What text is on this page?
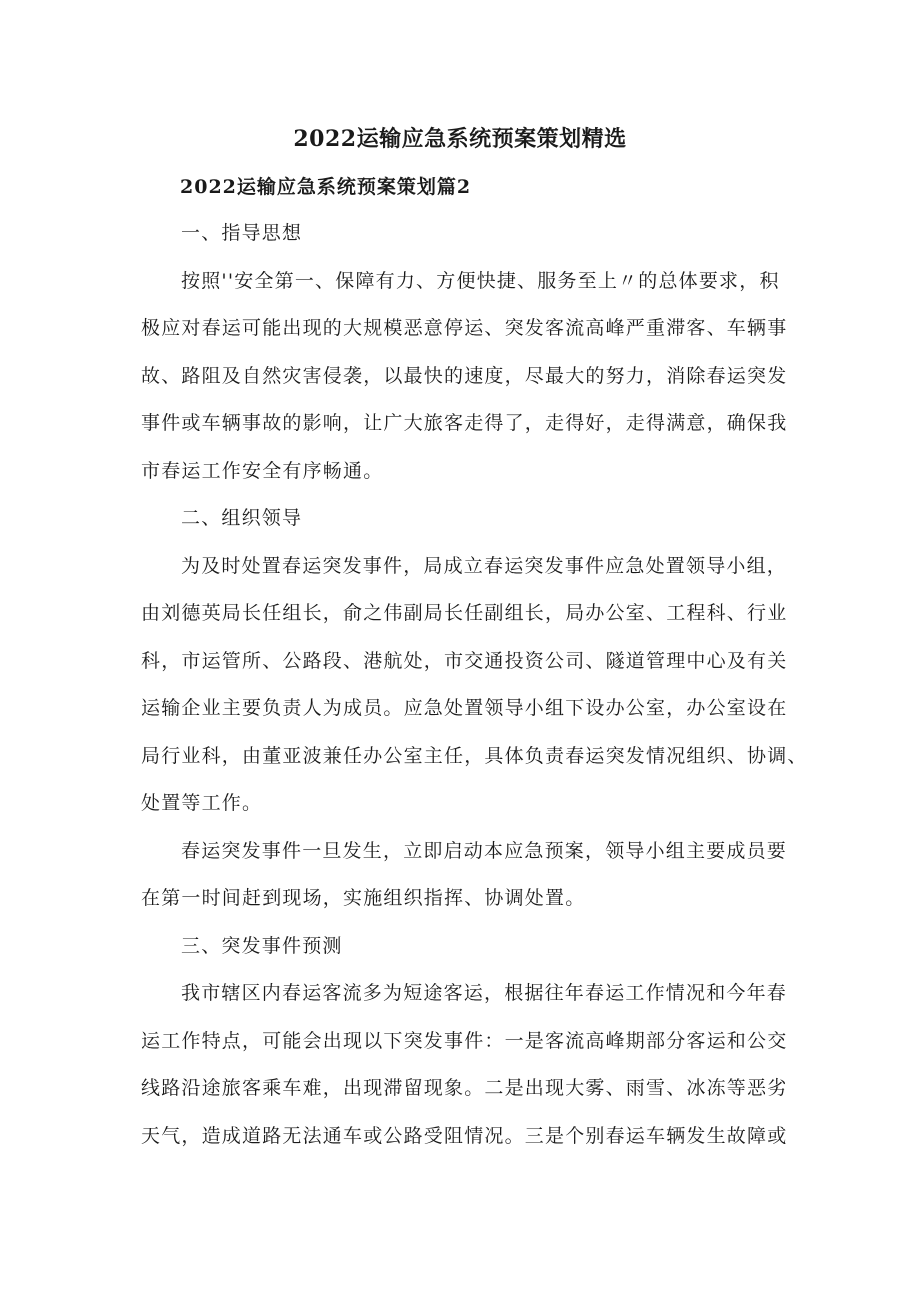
2022运输应急系统预案策划精选
2022运输应急系统预案策划篇2
一、指导思想
按照''安全第一、保障有力、方便快捷、服务至上〃的总体要求，积
极应对春运可能出现的大规模恶意停运、突发客流高峰严重滞客、车辆事
故、路阻及自然灾害侵袭，以最快的速度，尽最大的努力，消除春运突发
事件或车辆事故的影响，让广大旅客走得了，走得好，走得满意，确保我
市春运工作安全有序畅通。
二、组织领导
为及时处置春运突发事件，局成立春运突发事件应急处置领导小组，
由刘德英局长任组长，俞之伟副局长任副组长，局办公室、工程科、行业
科，市运管所、公路段、港航处，市交通投资公司、隧道管理中心及有关
运输企业主要负责人为成员。应急处置领导小组下设办公室，办公室设在
局行业科，由董亚波兼任办公室主任，具体负责春运突发情况组织、协调、
处置等工作。
春运突发事件一旦发生，立即启动本应急预案，领导小组主要成员要
在第一时间赶到现场，实施组织指挥、协调处置。
三、突发事件预测
我市辖区内春运客流多为短途客运，根据往年春运工作情况和今年春
运工作特点，可能会出现以下突发事件：一是客流高峰期部分客运和公交
线路沿途旅客乘车难，出现滞留现象。二是出现大雾、雨雪、冰冻等恶劣
天气，造成道路无法通车或公路受阻情况。三是个别春运车辆发生故障或
